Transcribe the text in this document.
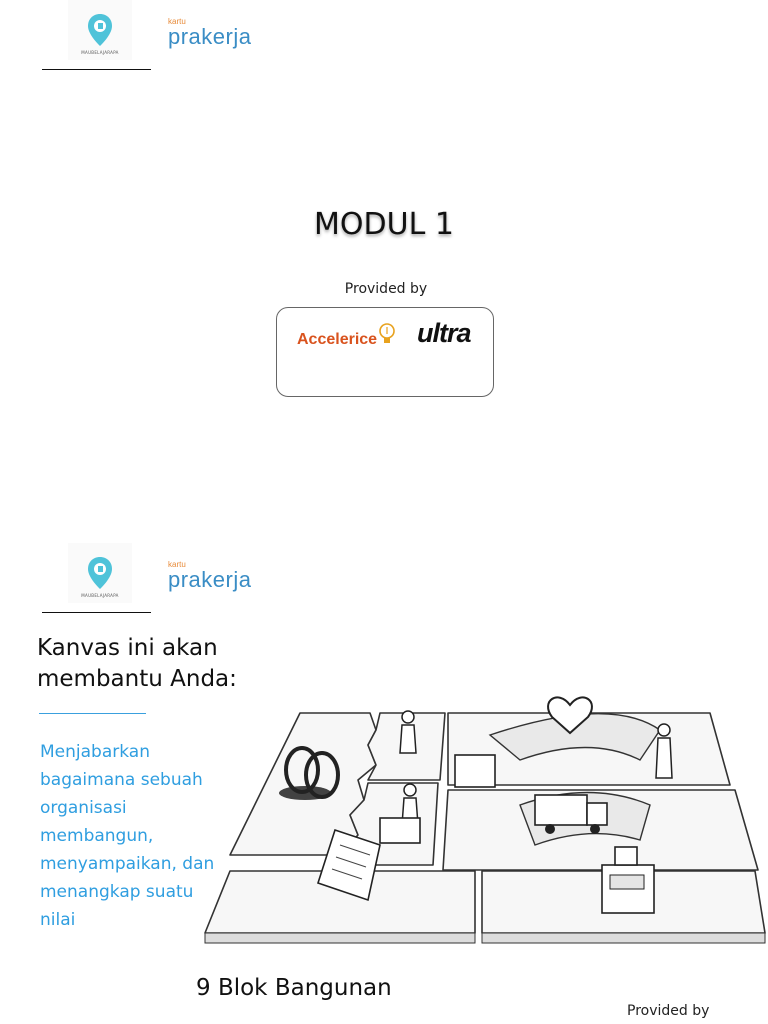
MAUBELAJARAPA
kartu
prakerja
MODUL 1
Provided by
Accelerice ultra
MAUBELAJARAPA
kartu
prakerja
Kanvas ini akan membantu Anda:
Menjabarkan bagaimana sebuah organisasi membangun, menyampaikan, dan menangkap suatu nilai
9 Blok Bangunan
Provided by
